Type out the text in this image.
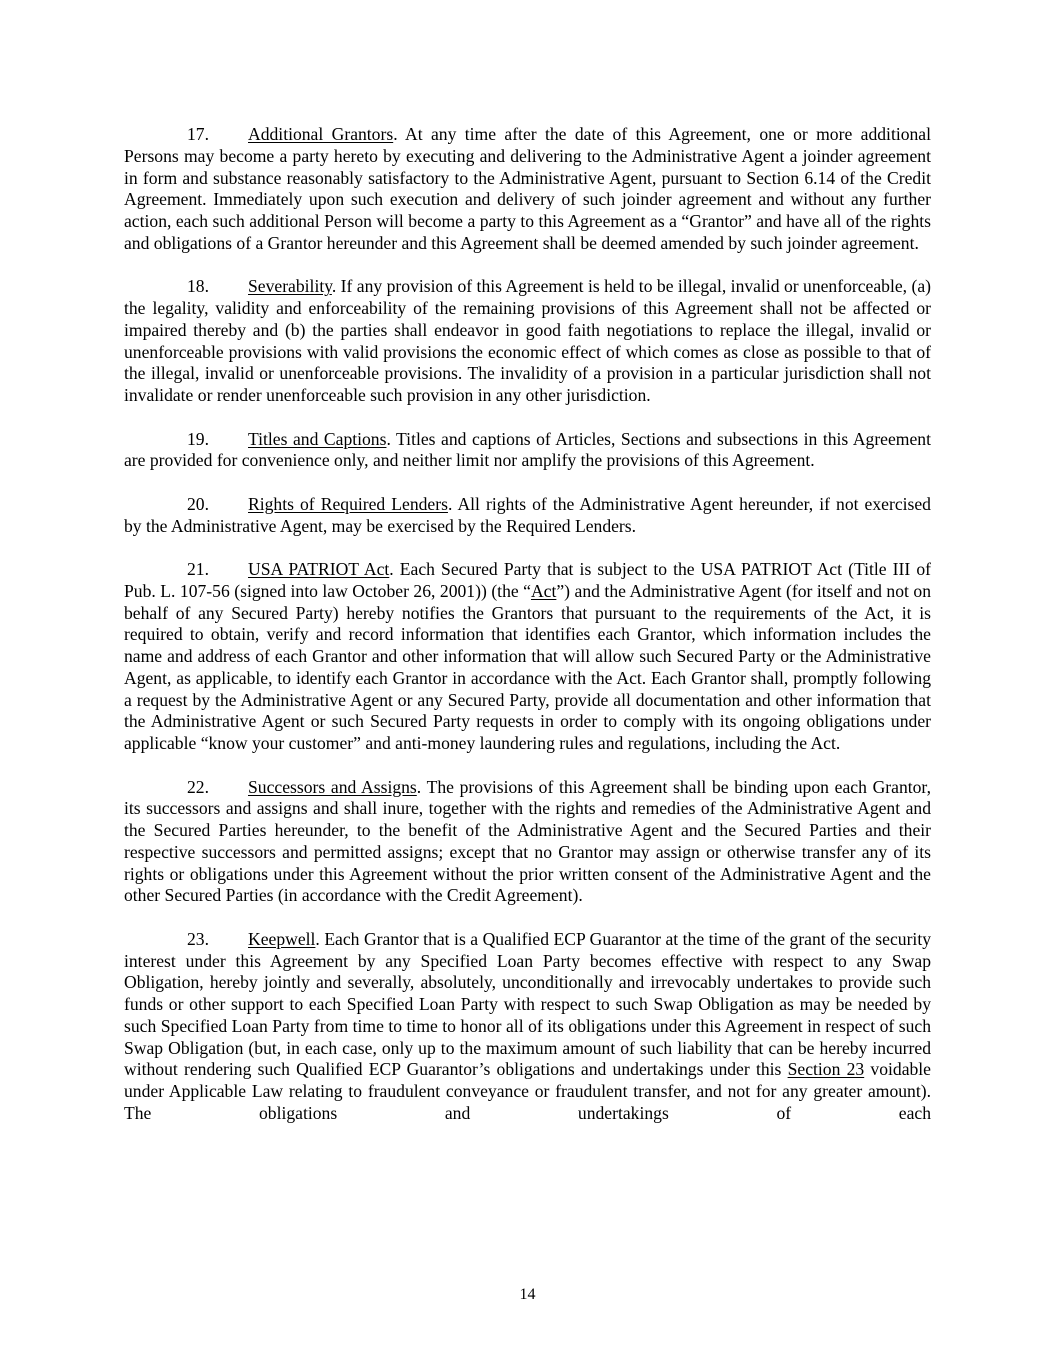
17. Additional Grantors. At any time after the date of this Agreement, one or more additional Persons may become a party hereto by executing and delivering to the Administrative Agent a joinder agreement in form and substance reasonably satisfactory to the Administrative Agent, pursuant to Section 6.14 of the Credit Agreement. Immediately upon such execution and delivery of such joinder agreement and without any further action, each such additional Person will become a party to this Agreement as a “Grantor” and have all of the rights and obligations of a Grantor hereunder and this Agreement shall be deemed amended by such joinder agreement.

18. Severability. If any provision of this Agreement is held to be illegal, invalid or unenforceable, (a) the legality, validity and enforceability of the remaining provisions of this Agreement shall not be affected or impaired thereby and (b) the parties shall endeavor in good faith negotiations to replace the illegal, invalid or unenforceable provisions with valid provisions the economic effect of which comes as close as possible to that of the illegal, invalid or unenforceable provisions. The invalidity of a provision in a particular jurisdiction shall not invalidate or render unenforceable such provision in any other jurisdiction.

19. Titles and Captions. Titles and captions of Articles, Sections and subsections in this Agreement are provided for convenience only, and neither limit nor amplify the provisions of this Agreement.

20. Rights of Required Lenders. All rights of the Administrative Agent hereunder, if not exercised by the Administrative Agent, may be exercised by the Required Lenders.

21. USA PATRIOT Act. Each Secured Party that is subject to the USA PATRIOT Act (Title III of Pub. L. 107-56 (signed into law October 26, 2001)) (the “Act”) and the Administrative Agent (for itself and not on behalf of any Secured Party) hereby notifies the Grantors that pursuant to the requirements of the Act, it is required to obtain, verify and record information that identifies each Grantor, which information includes the name and address of each Grantor and other information that will allow such Secured Party or the Administrative Agent, as applicable, to identify each Grantor in accordance with the Act. Each Grantor shall, promptly following a request by the Administrative Agent or any Secured Party, provide all documentation and other information that the Administrative Agent or such Secured Party requests in order to comply with its ongoing obligations under applicable “know your customer” and anti-money laundering rules and regulations, including the Act.

22. Successors and Assigns. The provisions of this Agreement shall be binding upon each Grantor, its successors and assigns and shall inure, together with the rights and remedies of the Administrative Agent and the Secured Parties hereunder, to the benefit of the Administrative Agent and the Secured Parties and their respective successors and permitted assigns; except that no Grantor may assign or otherwise transfer any of its rights or obligations under this Agreement without the prior written consent of the Administrative Agent and the other Secured Parties (in accordance with the Credit Agreement).

23. Keepwell. Each Grantor that is a Qualified ECP Guarantor at the time of the grant of the security interest under this Agreement by any Specified Loan Party becomes effective with respect to any Swap Obligation, hereby jointly and severally, absolutely, unconditionally and irrevocably undertakes to provide such funds or other support to each Specified Loan Party with respect to such Swap Obligation as may be needed by such Specified Loan Party from time to time to honor all of its obligations under this Agreement in respect of such Swap Obligation (but, in each case, only up to the maximum amount of such liability that can be hereby incurred without rendering such Qualified ECP Guarantor’s obligations and undertakings under this Section 23 voidable under Applicable Law relating to fraudulent conveyance or fraudulent transfer, and not for any greater amount). The obligations and undertakings of each

14
